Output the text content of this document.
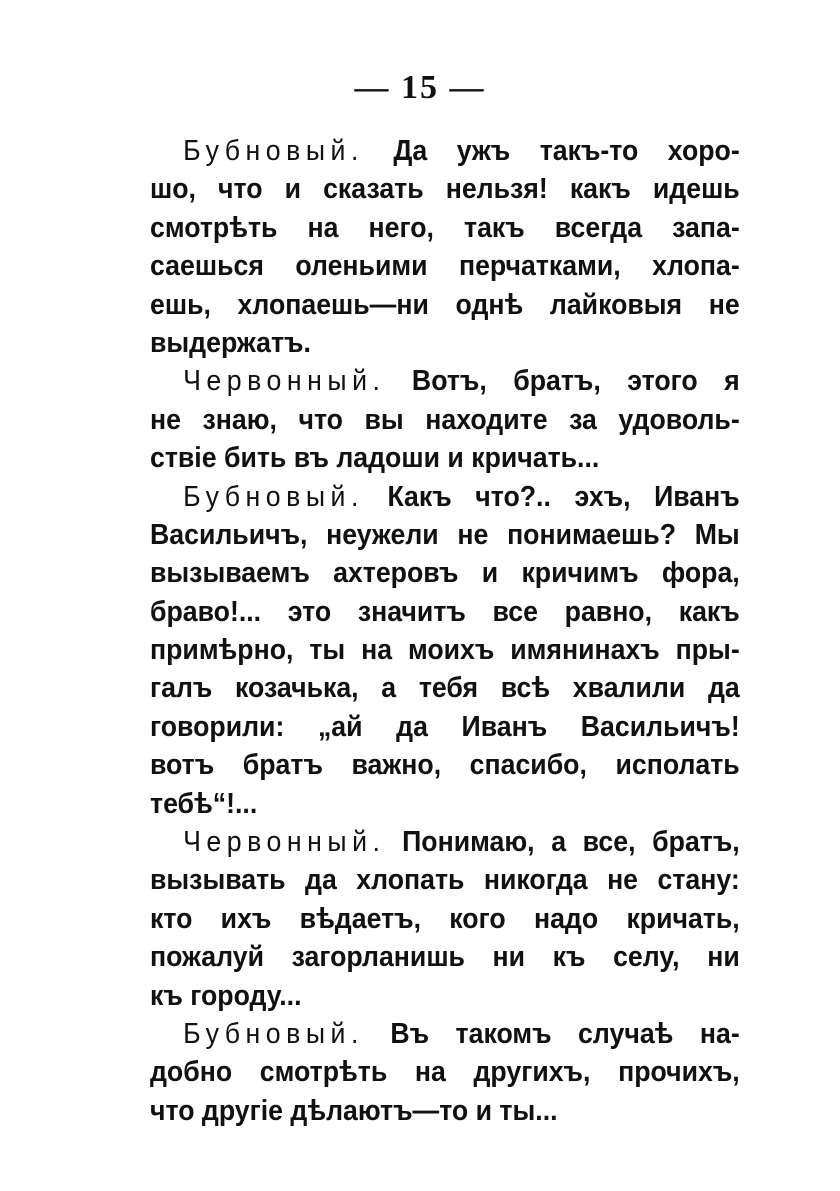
— 15 —
Бубновый. Да ужъ такъ-то хоро-
шо, что и сказать нельзя! какъ идешь
смотрѣть на него, такъ всегда запа-
саешься оленьими перчатками, хлопа-
ешь, хлопаешь—ни однѣ лайковыя не
выдержатъ.
Червонный. Вотъ, братъ, этого я
не знаю, что вы находите за удоволь-
ствіе бить въ ладоши и кричать...
Бубновый. Какъ что?.. эхъ, Иванъ
Васильичъ, неужели не понимаешь? Мы
вызываемъ ахтеровъ и кричимъ фора,
браво!... это значитъ все равно, какъ
примѣрно, ты на моихъ имянинахъ пры-
галъ козачька, а тебя всѣ хвалили да
говорили: „ай да Иванъ Васильичъ!
вотъ братъ важно, спасибо, исполать
тебѣ“!...
Червонный. Понимаю, а все, братъ,
вызывать да хлопать никогда не стану:
кто ихъ вѣдаетъ, кого надо кричать,
пожалуй загорланишь ни къ селу, ни
къ городу...
Бубновый. Въ такомъ случаѣ на-
добно смотрѣть на другихъ, прочихъ,
что другіе дѣлаютъ—то и ты...
